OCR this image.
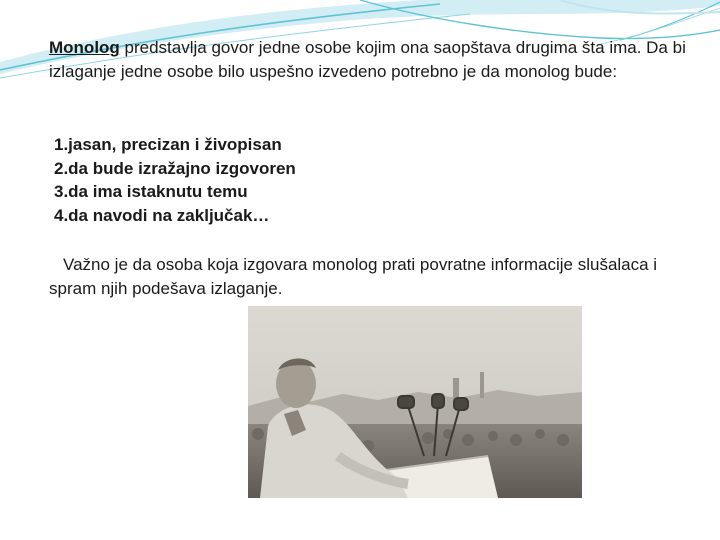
Monolog predstavlja govor jedne osobe kojim ona saopštava drugima šta ima. Da bi izlaganje jedne osobe bilo uspešno izvedeno potrebno je da monolog bude:
1.jasan, precizan i živopisan
2.da bude izražajno izgovoren
3.da ima istaknutu temu
4.da navodi na zaključak…
Važno je da osoba koja izgovara monolog prati povratne informacije slušalaca i spram njih podešava izlaganje.
